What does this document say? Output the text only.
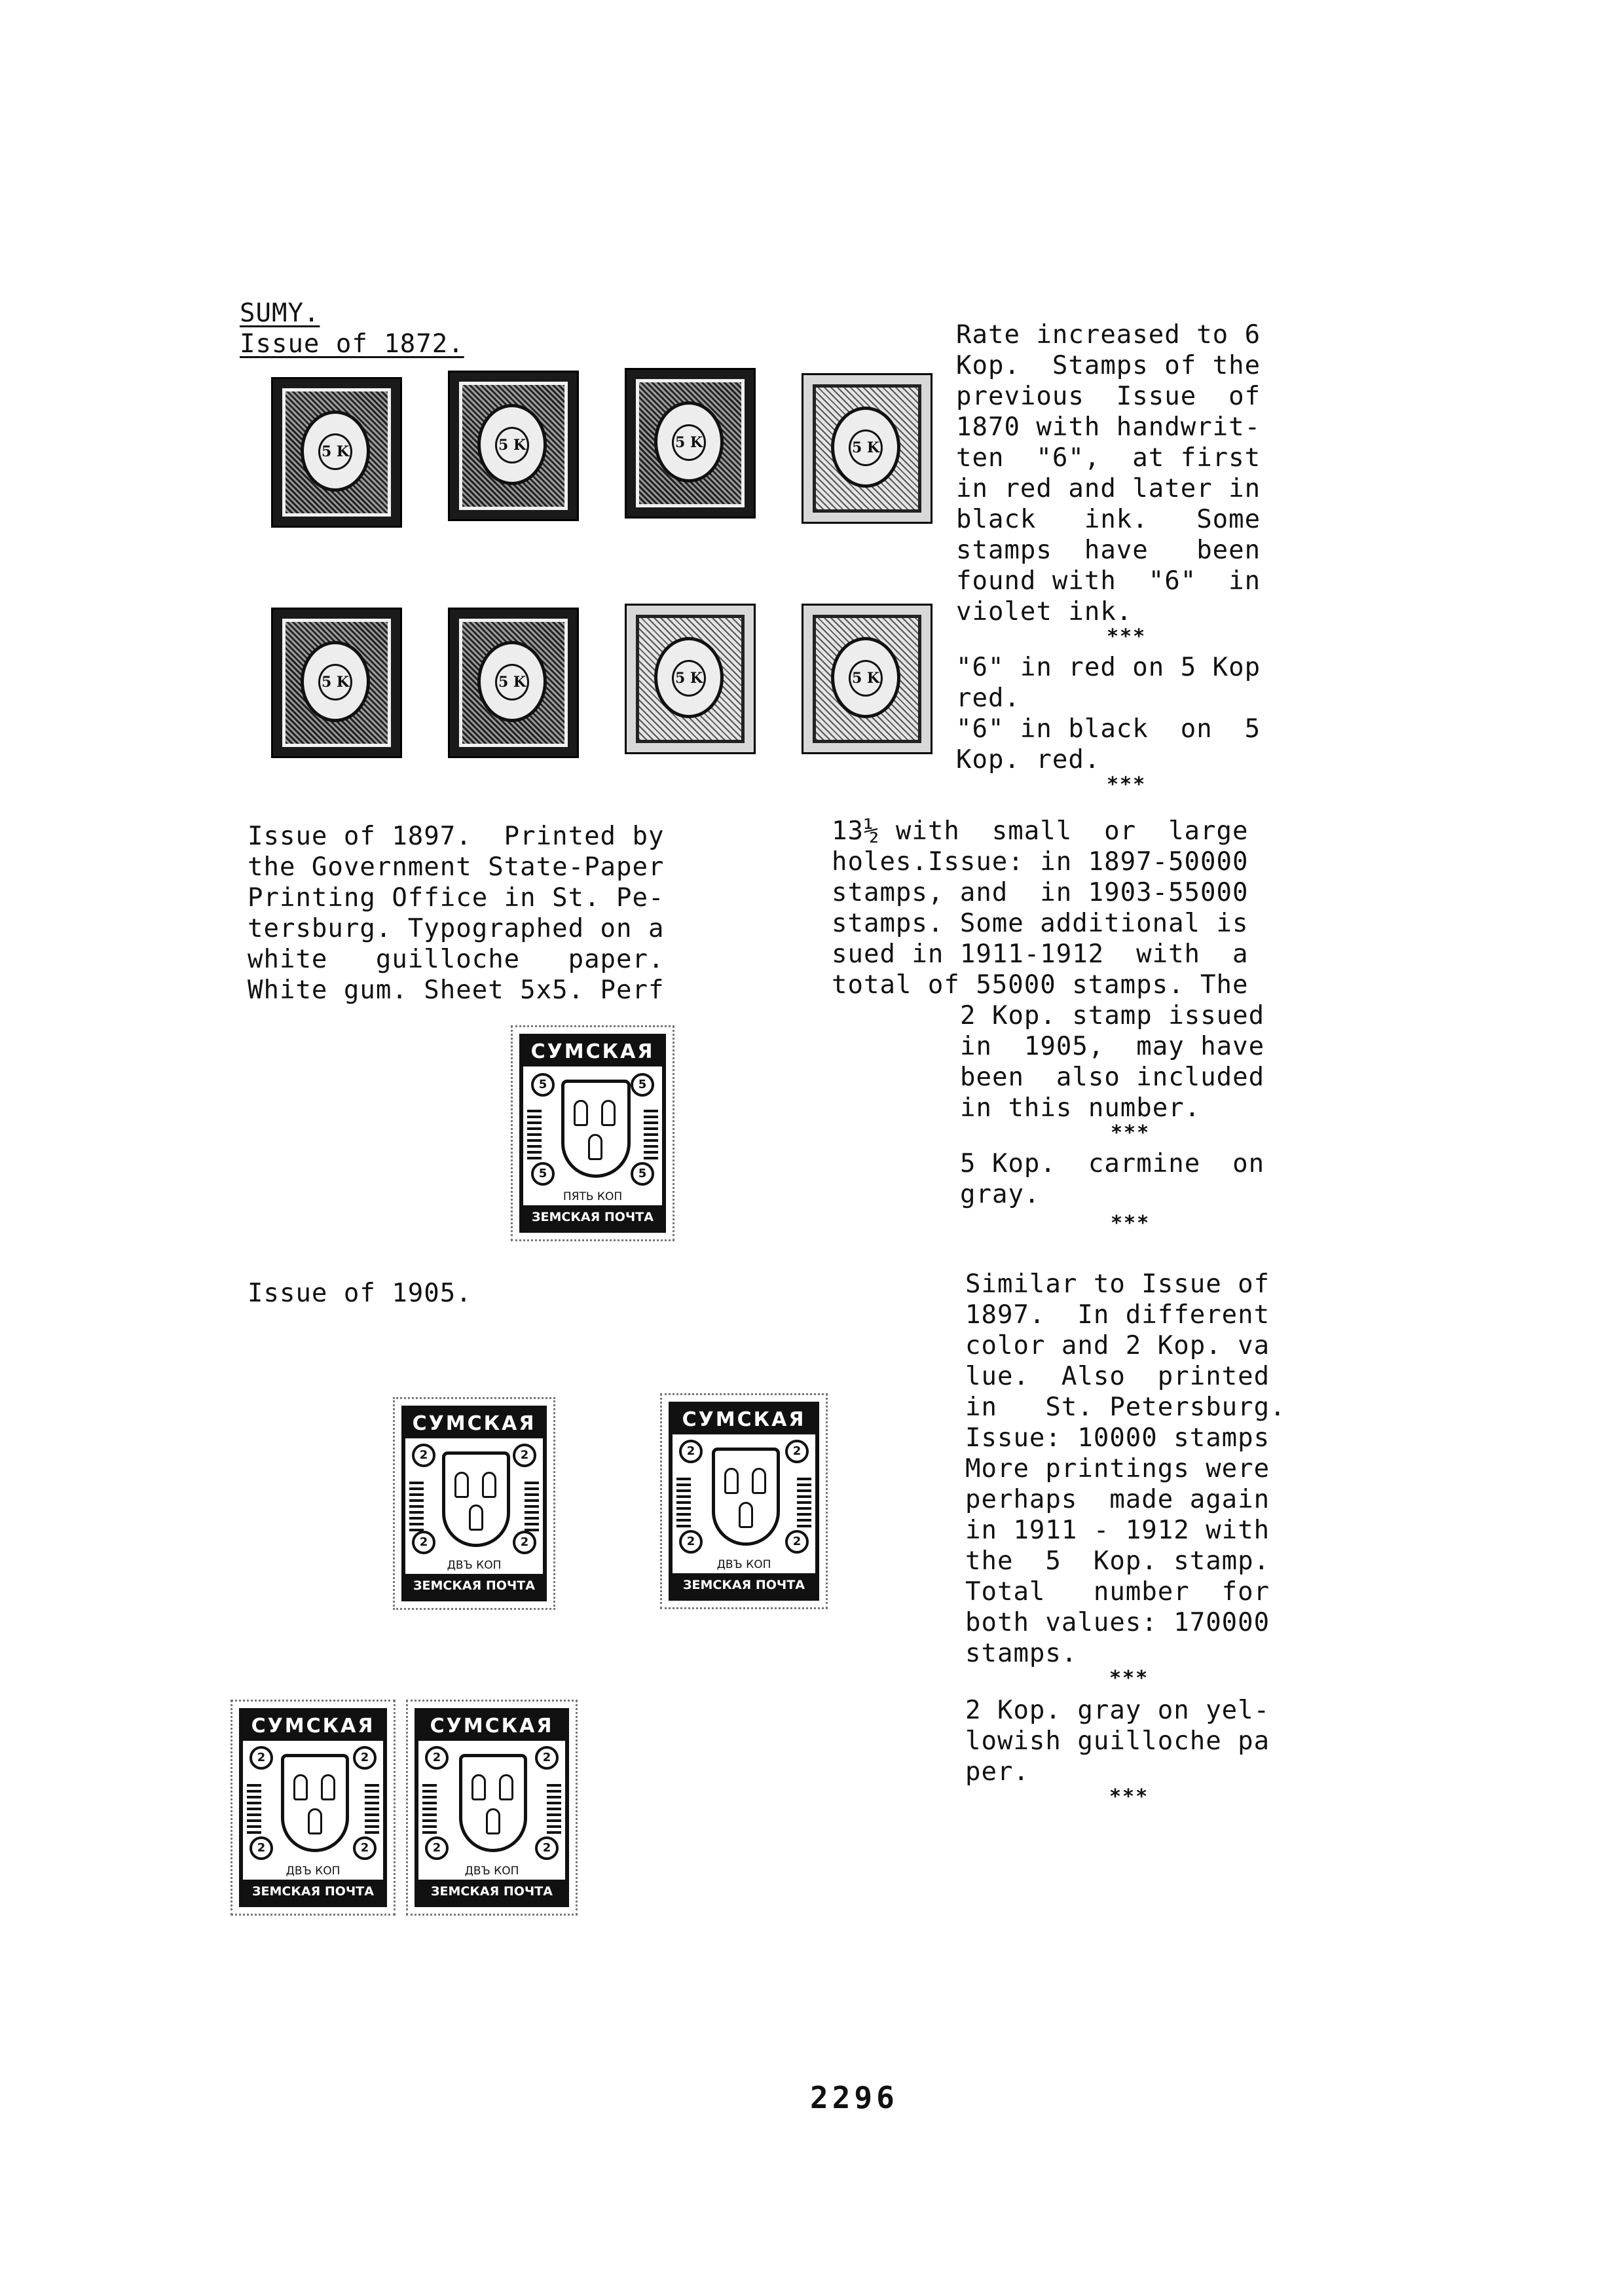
SUMY.
Issue of 1872.
5 K	5 K	5 K	5 K
5 K	5 K	5 K	5 K
Rate increased to 6
Kop.  Stamps of the
previous  Issue  of
1870 with handwrit-
ten  "6",  at first
in red and later in
black   ink.   Some
stamps  have   been
found with  "6"  in
violet ink.
***
"6" in red on 5 Kop
red.
"6" in black  on  5
Kop. red.
***
Issue of 1897.  Printed by
the Government State-Paper
Printing Office in St. Pe-
tersburg. Typographed on a
white   guilloche   paper.
White gum. Sheet 5x5. Perf
13½ with  small  or  large
holes.Issue: in 1897-50000
stamps, and  in 1903-55000
stamps. Some additional is
sued in 1911-1912  with  a
total of 55000 stamps. The
2 Kop. stamp issued
in  1905,  may have
been  also included
in this number.
***
5 Kop.  carmine  on
gray.
***
СУМСКАЯ
5	5
5	5
ПЯТЬ КОП
ЗЕМСКАЯ ПОЧТА
Issue of 1905.	Similar to Issue of
1897.  In different
color and 2 Kop. va
lue.  Also  printed
in   St. Petersburg.
Issue: 10000 stamps
More printings were
perhaps  made again
in 1911 - 1912 with
the  5  Kop. stamp.
Total   number  for
both values: 170000
stamps.
***
2 Kop. gray on yel-
lowish guilloche pa
per.
***
СУМСКАЯ
2	2
2	2
ДВЪ КОП
ЗЕМСКАЯ ПОЧТА
СУМСКАЯ
2	2
2	2
ДВЪ КОП
ЗЕМСКАЯ ПОЧТА
СУМСКАЯ
2	2
2	2
ДВЪ КОП
ЗЕМСКАЯ ПОЧТА
СУМСКАЯ
2	2
2	2
ДВЪ КОП
ЗЕМСКАЯ ПОЧТА
2296
